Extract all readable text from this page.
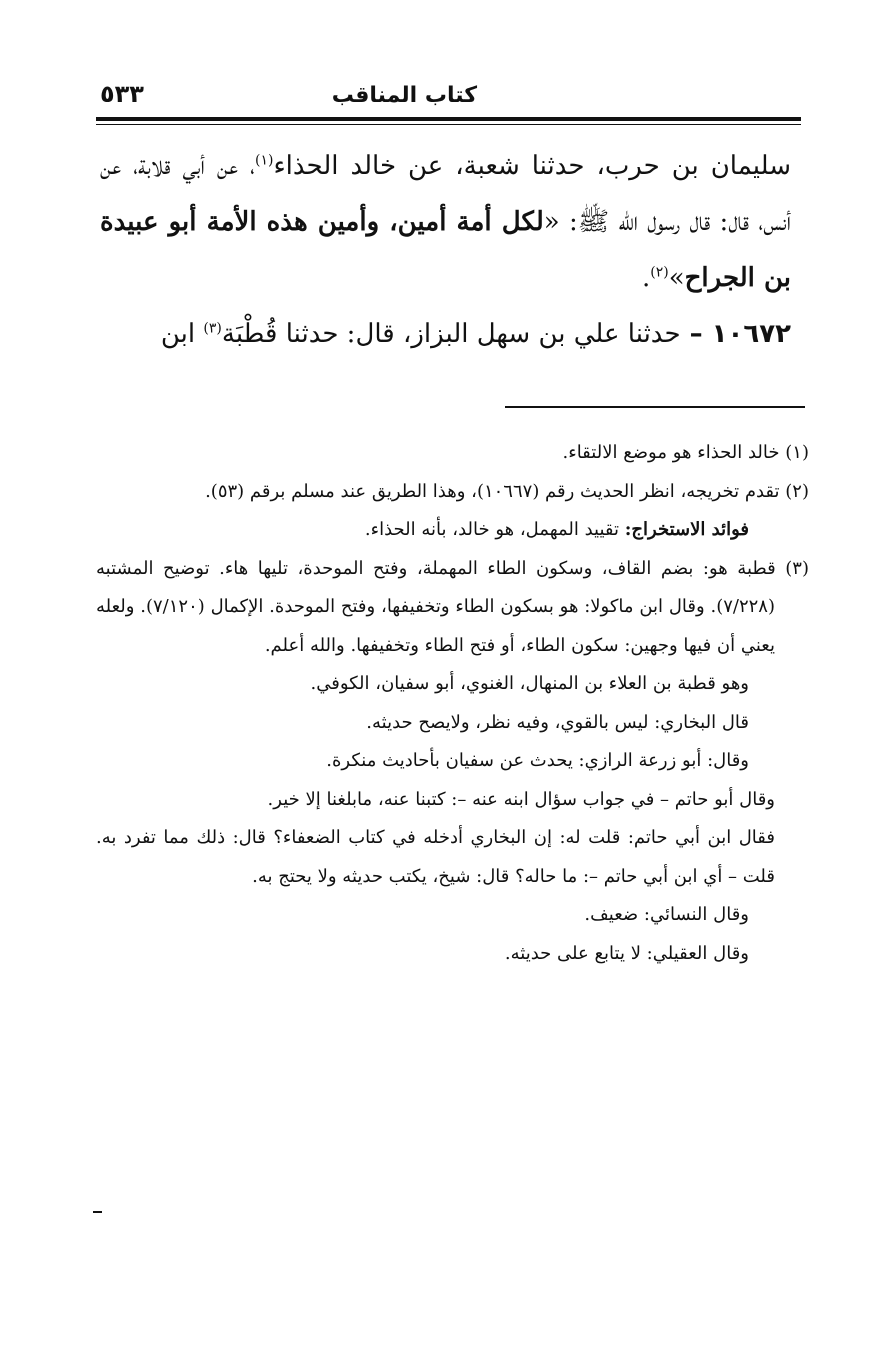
كتاب المناقب
٥٣٣

سليمان بن حرب، حدثنا شعبة، عن خالد الحذاء$^{(١)}$، عن أبي قلابة، عن أنس، قال: قال رسول الله ﷺ: «لكل أمة أمين، وأمين هذه الأمة أبو عبيدة بن الجراح»$^{(٢)}$.

١٠٦٧٢ – حدثنا علي بن سهل البزاز، قال: حدثنا قُطْبَة$^{(٣)}$ ابن

(١) خالد الحذاء هو موضع الالتقاء.

(٢) تقدم تخريجه، انظر الحديث رقم (١٠٦٦٧)، وهذا الطريق عند مسلم برقم (٥٣).

فوائد الاستخراج: تقييد المهمل، هو خالد، بأنه الحذاء.

(٣) قطبة هو: بضم القاف، وسكون الطاء المهملة، وفتح الموحدة، تليها هاء. توضيح المشتبه (٧/٢٢٨). وقال ابن ماكولا: هو بسكون الطاء وتخفيفها، وفتح الموحدة. الإكمال (٧/١٢٠). ولعله يعني أن فيها وجهين: سكون الطاء، أو فتح الطاء وتخفيفها. والله أعلم.

وهو قطبة بن العلاء بن المنهال، الغنوي، أبو سفيان، الكوفي.

قال البخاري: ليس بالقوي، وفيه نظر، ولايصح حديثه.

وقال: أبو زرعة الرازي: يحدث عن سفيان بأحاديث منكرة.

وقال أبو حاتم – في جواب سؤال ابنه عنه –: كتبنا عنه، مابلغنا إلا خير.

فقال ابن أبي حاتم: قلت له: إن البخاري أدخله في كتاب الضعفاء؟ قال: ذلك مما تفرد به. قلت – أي ابن أبي حاتم –: ما حاله؟ قال: شيخ، يكتب حديثه ولا يحتج به.

وقال النسائي: ضعيف.

وقال العقيلي: لا يتابع على حديثه.
